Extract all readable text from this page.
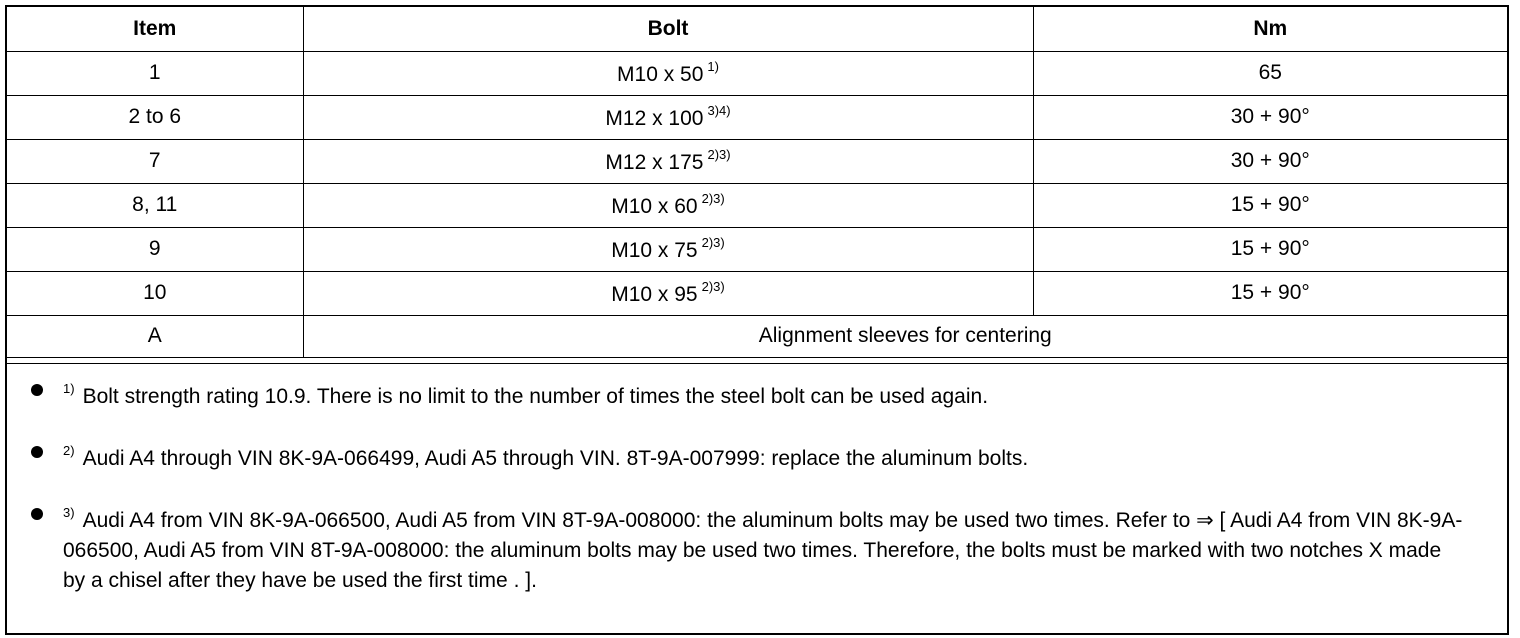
Item	Bolt	Nm
1	M10 x 50 $^{1)}$	65
2 to 6	M12 x 100 $^{3)4)}$	30 + 90°
7	M12 x 175 $^{2)3)}$	30 + 90°
8, 11	M10 x 60 $^{2)3)}$	15 + 90°
9	M10 x 75 $^{2)3)}$	15 + 90°
10	M10 x 95 $^{2)3)}$	15 + 90°
A	Alignment sleeves for centering	
$^{1)}$ Bolt strength rating 10.9. There is no limit to the number of times the steel bolt can be used again.
$^{2)}$ Audi A4 through VIN 8K-9A-066499, Audi A5 through VIN. 8T-9A-007999: replace the aluminum bolts.
$^{3)}$ Audi A4 from VIN 8K-9A-066500, Audi A5 from VIN 8T-9A-008000: the aluminum bolts may be used two times. Refer to ⇒ [ Audi A4 from VIN 8K-9A-066500, Audi A5 from VIN 8T-9A-008000: the aluminum bolts may be used two times. Therefore, the bolts must be marked with two notches X made by a chisel after they have be used the first time . ].
